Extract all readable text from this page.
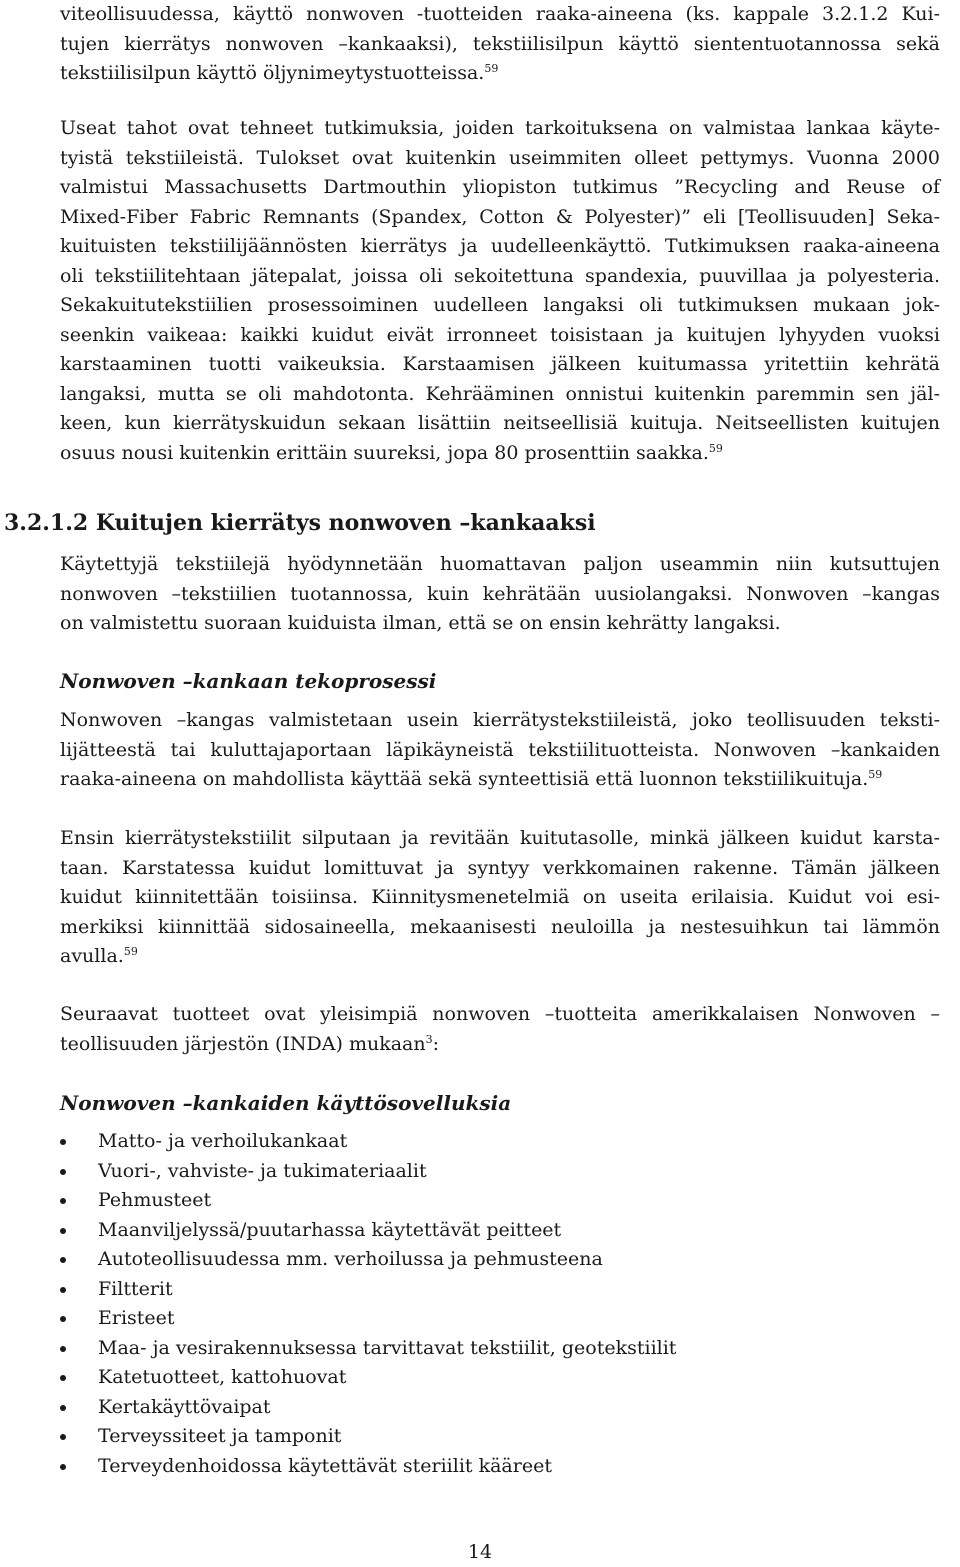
viteollisuudessa, käyttö nonwoven -tuotteiden raaka-aineena (ks. kappale 3.2.1.2 Kui-
tujen kierrätys nonwoven –kankaaksi), tekstiilisilpun käyttö siententuotannossa sekä
tekstiilisilpun käyttö öljynimeytystuotteissa.$^{59}$
Useat tahot ovat tehneet tutkimuksia, joiden tarkoituksena on valmistaa lankaa käyte-
tyistä tekstiileistä. Tulokset ovat kuitenkin useimmiten olleet pettymys. Vuonna 2000
valmistui Massachusetts Dartmouthin yliopiston tutkimus ”Recycling and Reuse of
Mixed-Fiber Fabric Remnants (Spandex, Cotton & Polyester)” eli [Teollisuuden] Seka-
kuituisten tekstiilijäännösten kierrätys ja uudelleenkäyttö. Tutkimuksen raaka-aineena
oli tekstiilitehtaan jätepalat, joissa oli sekoitettuna spandexia, puuvillaa ja polyesteria.
Sekakuitutekstiilien prosessoiminen uudelleen langaksi oli tutkimuksen mukaan jok-
seenkin vaikeaa: kaikki kuidut eivät irronneet toisistaan ja kuitujen lyhyyden vuoksi
karstaaminen tuotti vaikeuksia. Karstaamisen jälkeen kuitumassa yritettiin kehrätä
langaksi, mutta se oli mahdotonta. Kehrääminen onnistui kuitenkin paremmin sen jäl-
keen, kun kierrätyskuidun sekaan lisättiin neitseellisiä kuituja. Neitseellisten kuitujen
osuus nousi kuitenkin erittäin suureksi, jopa 80 prosenttiin saakka.$^{59}$
3.2.1.2 Kuitujen kierrätys nonwoven –kankaaksi
Käytettyjä tekstiilejä hyödynnetään huomattavan paljon useammin niin kutsuttujen
nonwoven –tekstiilien tuotannossa, kuin kehrätään uusiolangaksi. Nonwoven –kangas
on valmistettu suoraan kuiduista ilman, että se on ensin kehrätty langaksi.
Nonwoven –kankaan tekoprosessi
Nonwoven –kangas valmistetaan usein kierrätystekstiileistä, joko teollisuuden teksti-
lijätteestä tai kuluttajaportaan läpikäyneistä tekstiilituotteista. Nonwoven –kankaiden
raaka-aineena on mahdollista käyttää sekä synteettisiä että luonnon tekstiilikuituja.$^{59}$
Ensin kierrätystekstiilit silputaan ja revitään kuitutasolle, minkä jälkeen kuidut karsta-
taan. Karstatessa kuidut lomittuvat ja syntyy verkkomainen rakenne. Tämän jälkeen
kuidut kiinnitettään toisiinsa. Kiinnitysmenetelmiä on useita erilaisia. Kuidut voi esi-
merkiksi kiinnittää sidosaineella, mekaanisesti neuloilla ja nestesuihkun tai lämmön
avulla.$^{59}$
Seuraavat tuotteet ovat yleisimpiä nonwoven –tuotteita amerikkalaisen Nonwoven –
teollisuuden järjestön (INDA) mukaan$^3$:
Nonwoven –kankaiden käyttösovelluksia
Matto- ja verhoilukankaat
Vuori-, vahviste- ja tukimateriaalit
Pehmusteet
Maanviljelyssä/puutarhassa käytettävät peitteet
Autoteollisuudessa mm. verhoilussa ja pehmusteena
Filtterit
Eristeet
Maa- ja vesirakennuksessa tarvittavat tekstiilit, geotekstiilit
Katetuotteet, kattohuovat
Kertakäyttövaipat
Terveyssiteet ja tamponit
Terveydenhoidossa käytettävät steriilit kääreet
14
